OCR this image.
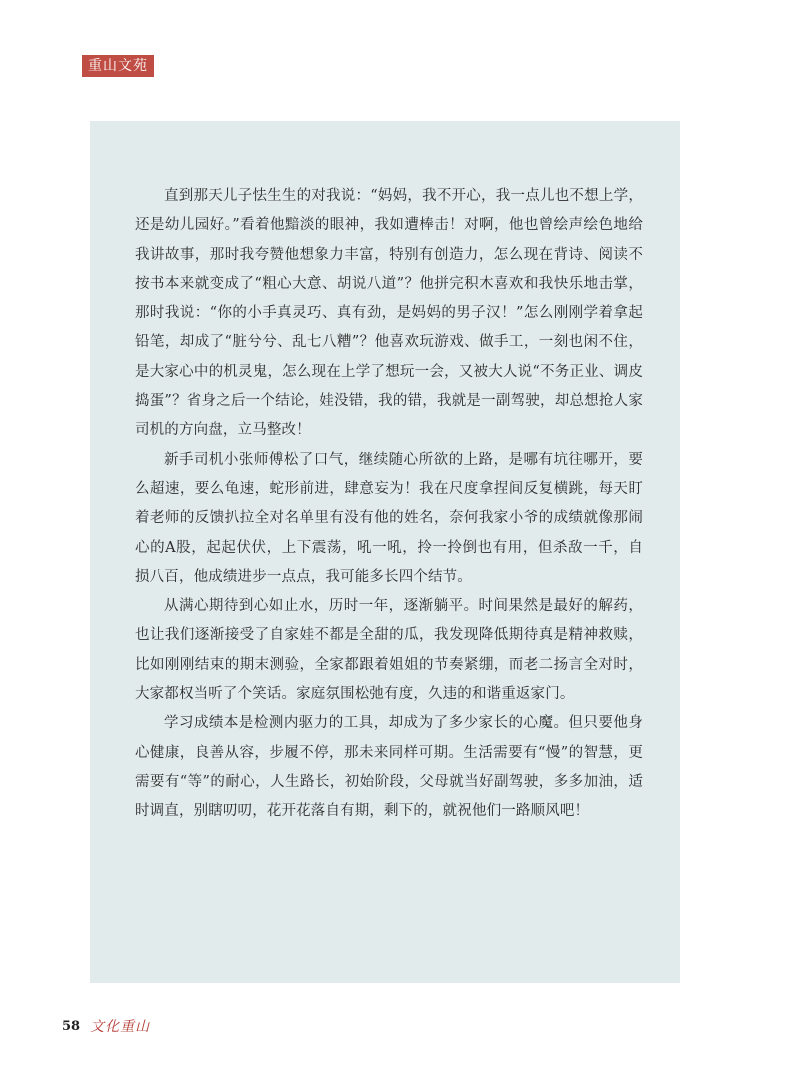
重山文苑

直到那天儿子怯生生的对我说：“妈妈，我不开心，我一点儿也不想上学，还是幼儿园好。”看着他黯淡的眼神，我如遭棒击！对啊，他也曾绘声绘色地给我讲故事，那时我夸赞他想象力丰富，特别有创造力，怎么现在背诗、阅读不按书本来就变成了“粗心大意、胡说八道”？他拼完积木喜欢和我快乐地击掌，那时我说：“你的小手真灵巧、真有劲，是妈妈的男子汉！”怎么刚刚学着拿起铅笔，却成了“脏兮兮、乱七八糟”？他喜欢玩游戏、做手工，一刻也闲不住，是大家心中的机灵鬼，怎么现在上学了想玩一会，又被大人说“不务正业、调皮捣蛋”？省身之后一个结论，娃没错，我的错，我就是一副驾驶，却总想抢人家司机的方向盘，立马整改！

新手司机小张师傅松了口气，继续随心所欲的上路，是哪有坑往哪开，要么超速，要么龟速，蛇形前进，肆意妄为！我在尺度拿捏间反复横跳，每天盯着老师的反馈扒拉全对名单里有没有他的姓名，奈何我家小爷的成绩就像那闹心的A股，起起伏伏，上下震荡，吼一吼，拎一拎倒也有用，但杀敌一千，自损八百，他成绩进步一点点，我可能多长四个结节。

从满心期待到心如止水，历时一年，逐渐躺平。时间果然是最好的解药，也让我们逐渐接受了自家娃不都是全甜的瓜，我发现降低期待真是精神救赎，比如刚刚结束的期末测验，全家都跟着姐姐的节奏紧绷，而老二扬言全对时，大家都权当听了个笑话。家庭氛围松弛有度，久违的和谐重返家门。

学习成绩本是检测内驱力的工具，却成为了多少家长的心魔。但只要他身心健康，良善从容，步履不停，那未来同样可期。生活需要有“慢”的智慧，更需要有“等”的耐心，人生路长，初始阶段，父母就当好副驾驶，多多加油，适时调直，别瞎叨叨，花开花落自有期，剩下的，就祝他们一路顺风吧！

58 文化重山
